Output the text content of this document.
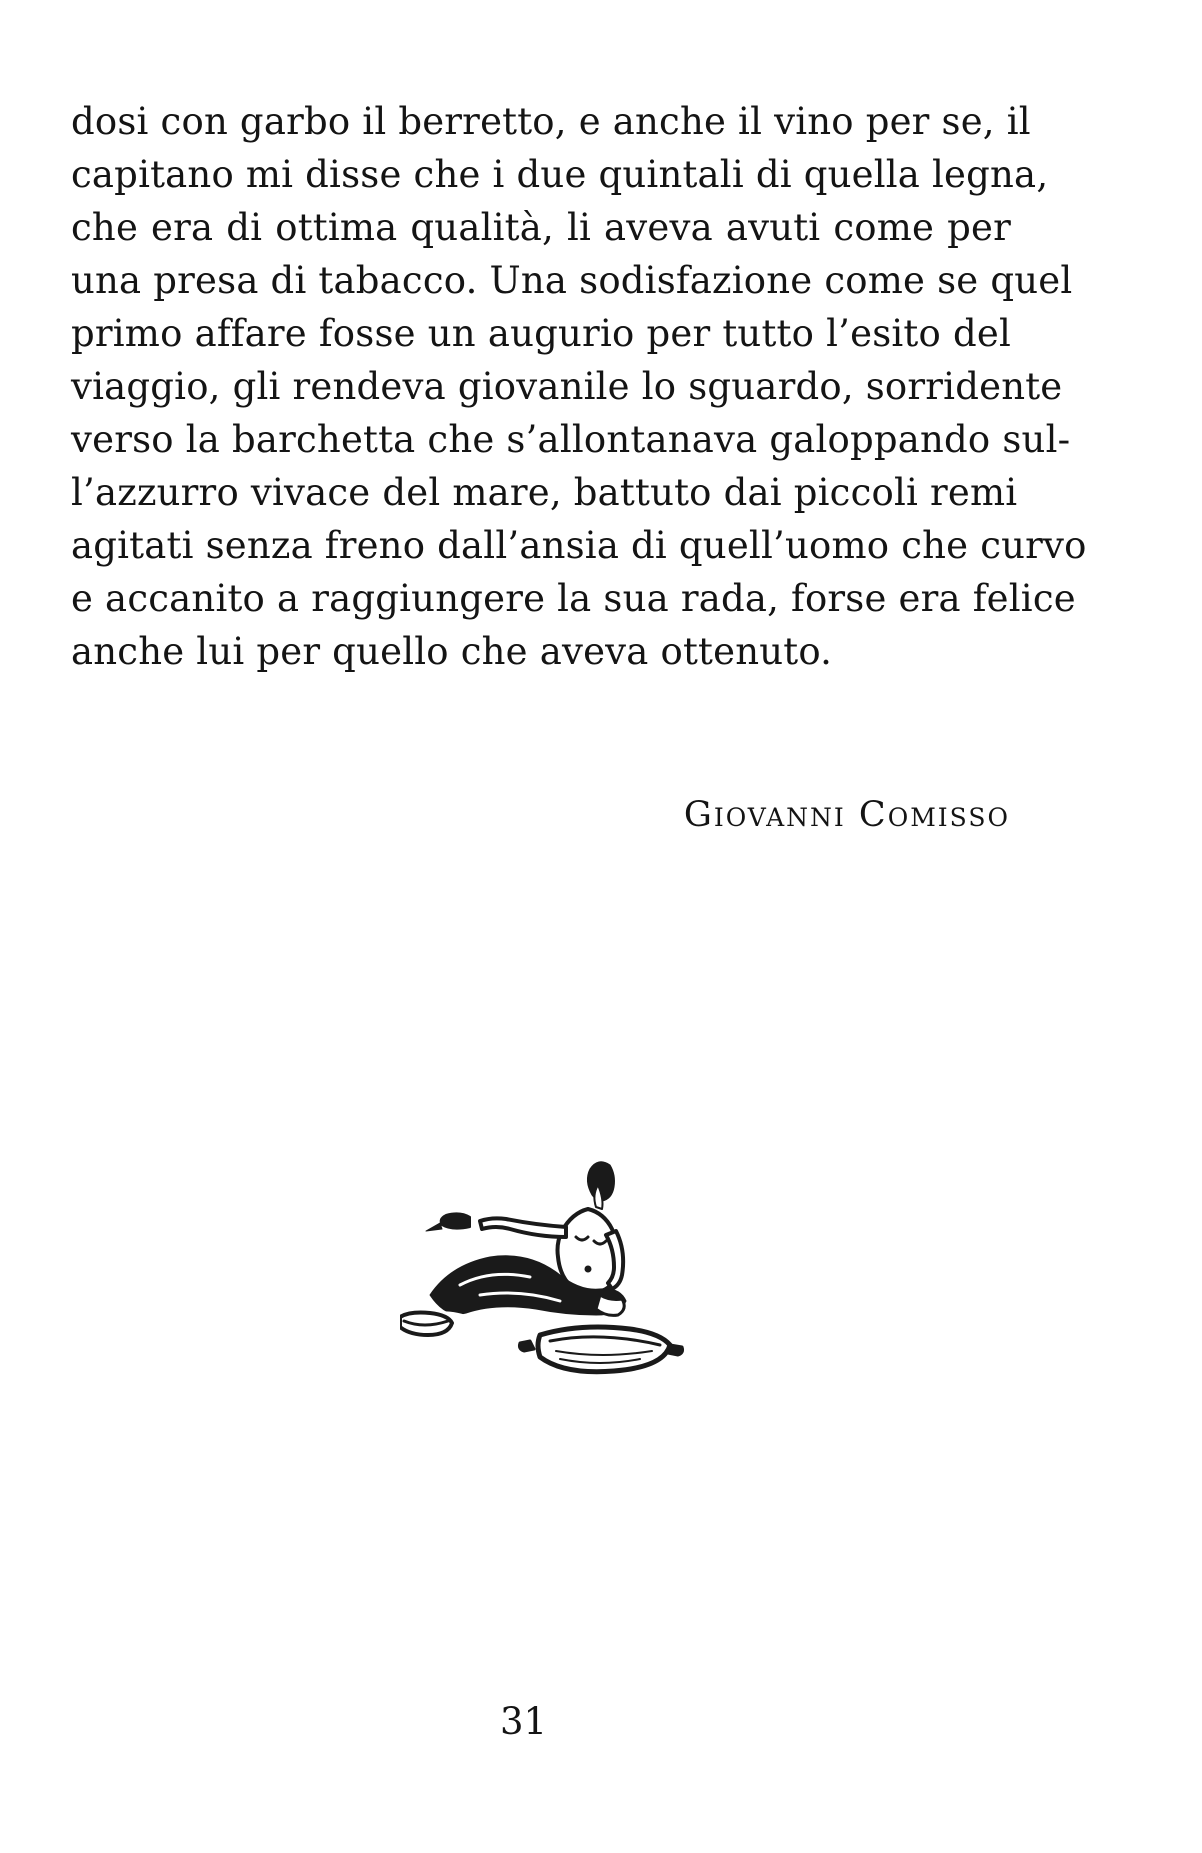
dosi con garbo il berretto, e anche il vino per se, il
capitano mi disse che i due quintali di quella legna,
che era di ottima qualità, li aveva avuti come per
una presa di tabacco. Una sodisfazione come se quel
primo affare fosse un augurio per tutto l’esito del
viaggio, gli rendeva giovanile lo sguardo, sorridente
verso la barchetta che s’allontanava galoppando sul-
l’azzurro vivace del mare, battuto dai piccoli remi
agitati senza freno dall’ansia di quell’uomo che curvo
e accanito a raggiungere la sua rada, forse era felice
anche lui per quello che aveva ottenuto.
Giovanni Comisso
31
